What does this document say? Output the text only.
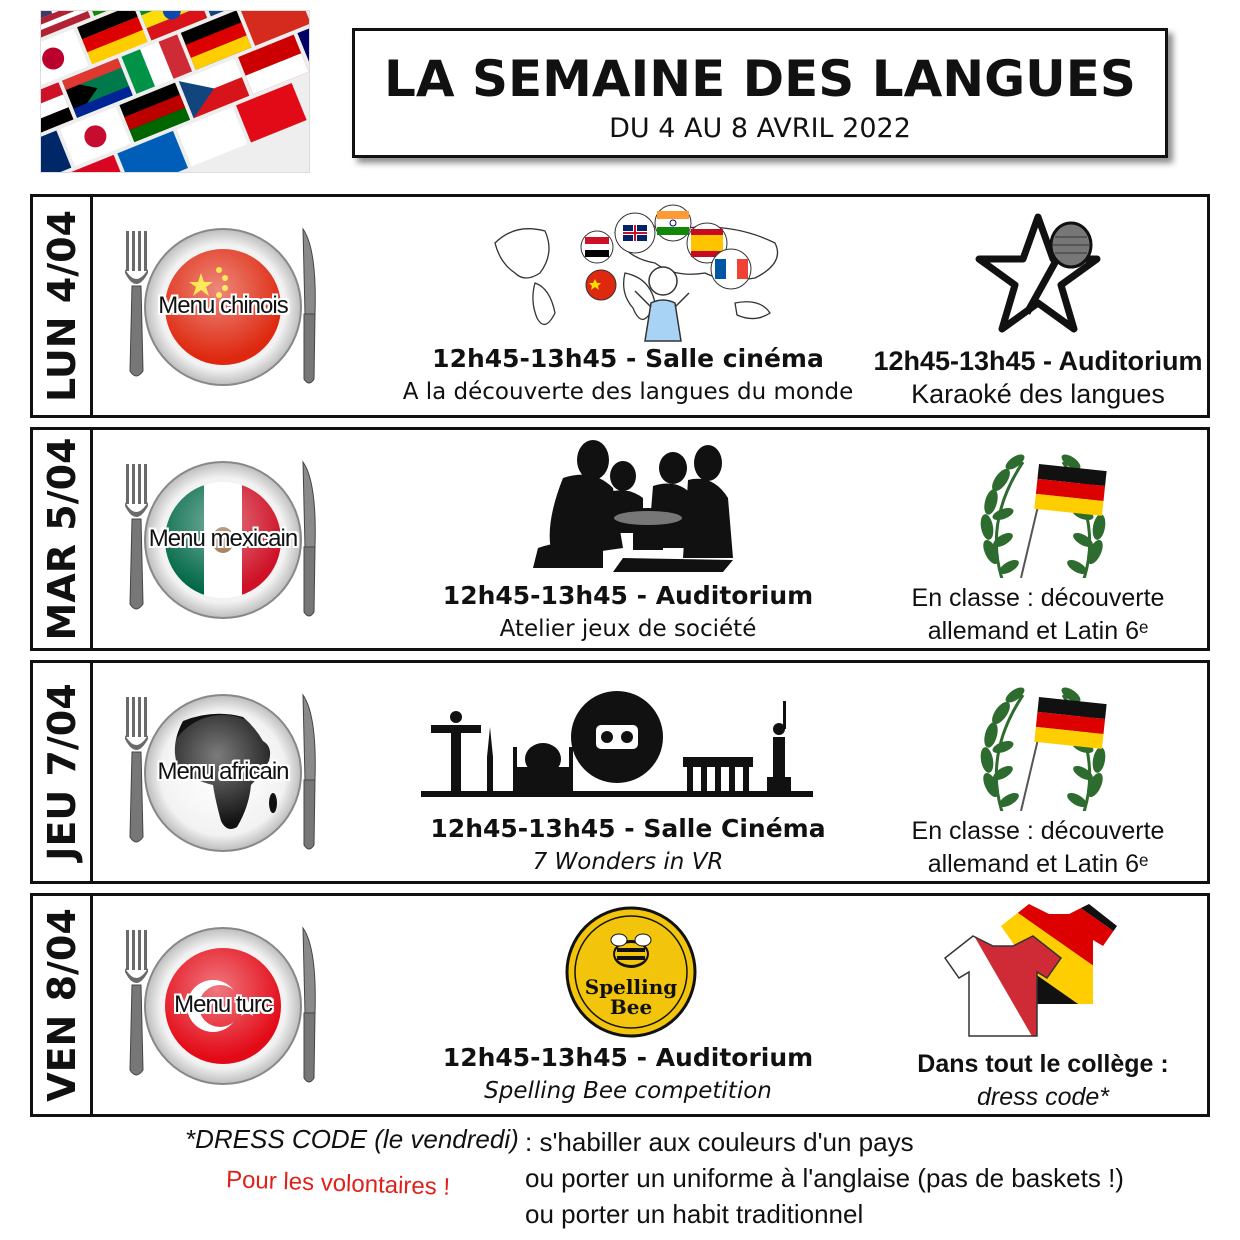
LA SEMAINE DES LANGUES
DU 4 AU 8 AVRIL 2022
LUN 4/04	Menu chinois
12h45-13h45 - Salle cinéma
A la découverte des langues du monde
12h45-13h45 - Auditorium
Karaoké des langues
MAR 5/04	Menu mexicain
12h45-13h45 - Auditorium
Atelier jeux de société
En classe : découverte
allemand et Latin 6ᵉ
JEU 7/04	Menu africain
12h45-13h45 - Salle Cinéma
7 Wonders in VR
En classe : découverte
allemand et Latin 6ᵉ
VEN 8/04	Menu turc
Spelling
Bee
12h45-13h45 - Auditorium
Spelling Bee competition
Dans tout le collège :
dress code*
*DRESS CODE (le vendredi) : s'habiller aux couleurs d'un pays
ou porter un uniforme à l'anglaise (pas de baskets !)
ou porter un habit traditionnel
Pour les volontaires !
